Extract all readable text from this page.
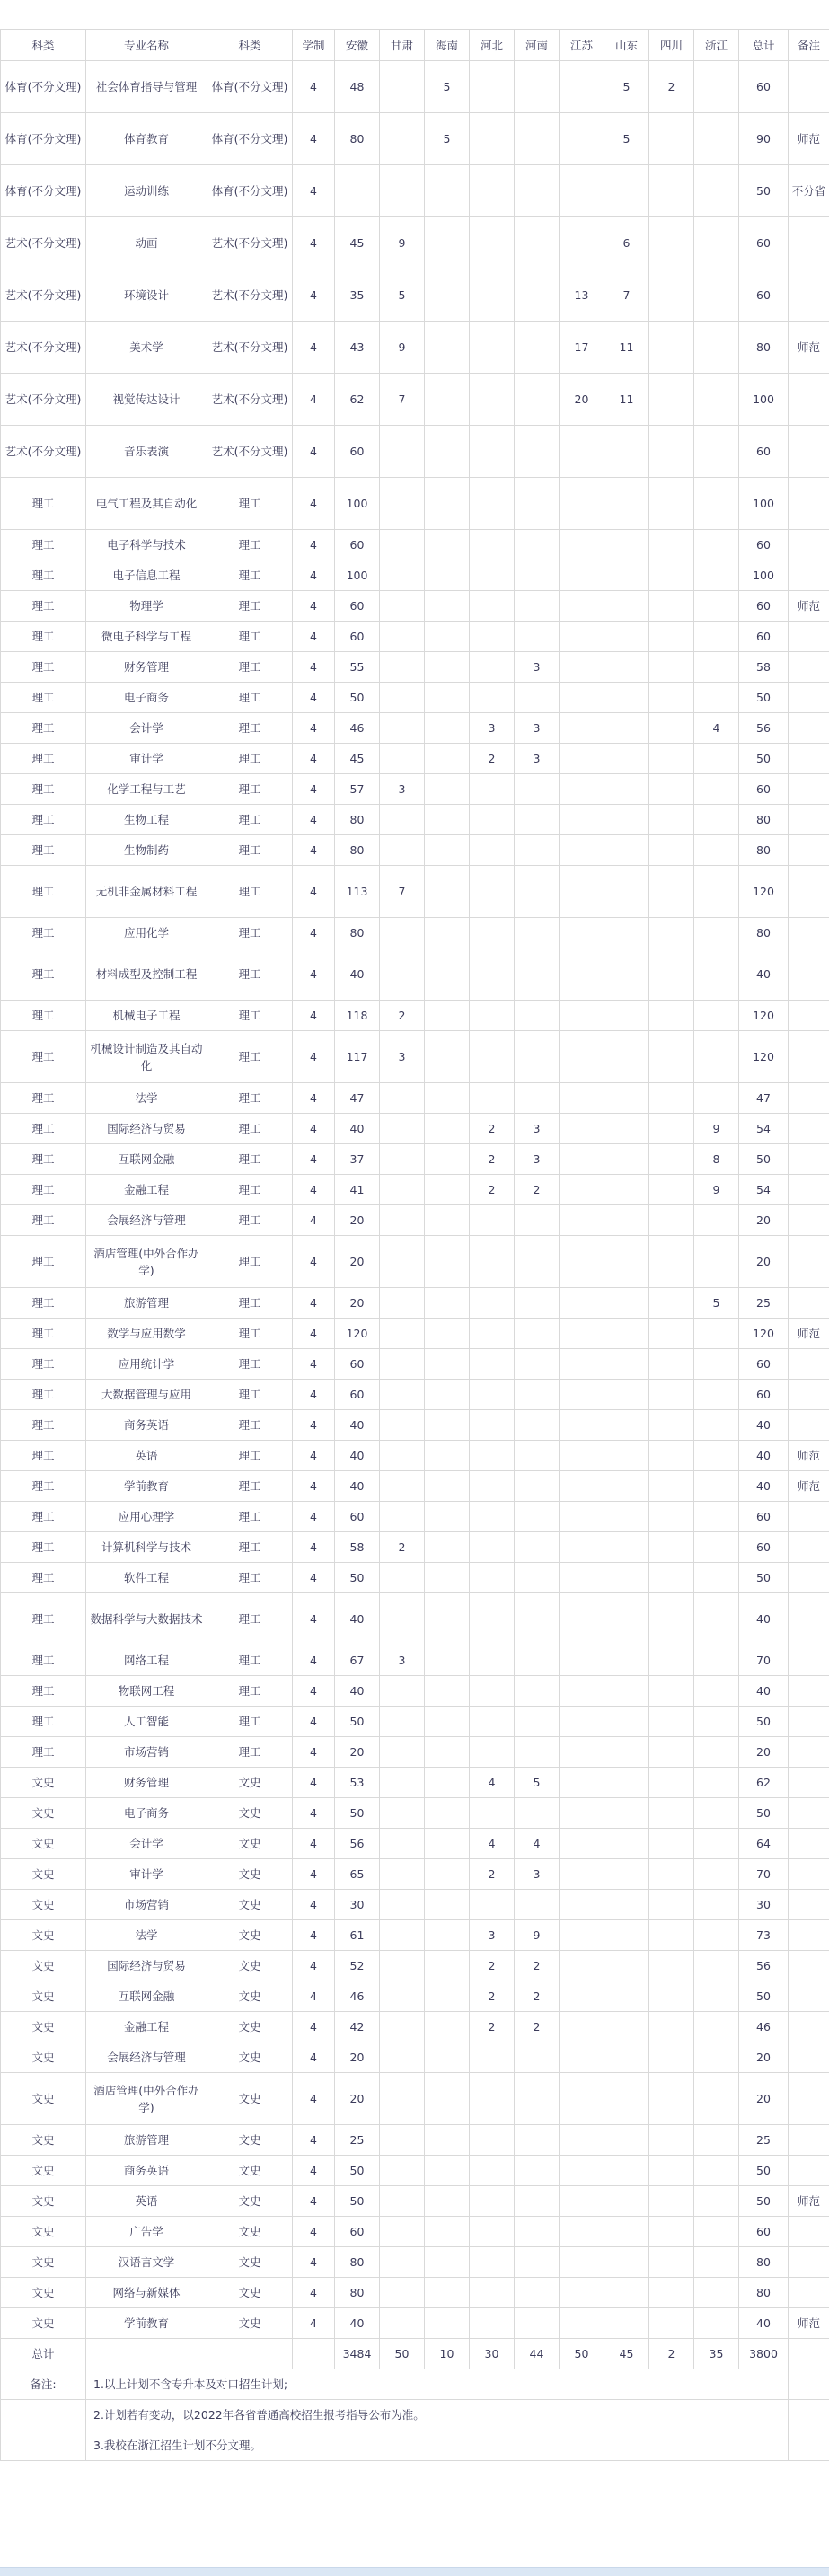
科类	专业名称	科类	学制	安徽	甘肃	海南	河北	河南	江苏	山东	四川	浙江	总计	备注
体育(不分文理)	社会体育指导与管理	体育(不分文理)	4	48		5				5	2		60	
体育(不分文理)	体育教育	体育(不分文理)	4	80		5				5			90	师范
体育(不分文理)	运动训练	体育(不分文理)	4										50	不分省
艺术(不分文理)	动画	艺术(不分文理)	4	45	9					6			60	
艺术(不分文理)	环境设计	艺术(不分文理)	4	35	5				13	7			60	
艺术(不分文理)	美术学	艺术(不分文理)	4	43	9				17	11			80	师范
艺术(不分文理)	视觉传达设计	艺术(不分文理)	4	62	7				20	11			100	
艺术(不分文理)	音乐表演	艺术(不分文理)	4	60									60	
理工	电气工程及其自动化	理工	4	100									100	
理工	电子科学与技术	理工	4	60									60	
理工	电子信息工程	理工	4	100									100	
理工	物理学	理工	4	60									60	师范
理工	微电子科学与工程	理工	4	60									60	
理工	财务管理	理工	4	55				3					58	
理工	电子商务	理工	4	50									50	
理工	会计学	理工	4	46			3	3				4	56	
理工	审计学	理工	4	45			2	3					50	
理工	化学工程与工艺	理工	4	57	3								60	
理工	生物工程	理工	4	80									80	
理工	生物制药	理工	4	80									80	
理工	无机非金属材料工程	理工	4	113	7								120	
理工	应用化学	理工	4	80									80	
理工	材料成型及控制工程	理工	4	40									40	
理工	机械电子工程	理工	4	118	2								120	
理工	机械设计制造及其自动化	理工	4	117	3								120	
理工	法学	理工	4	47									47	
理工	国际经济与贸易	理工	4	40			2	3				9	54	
理工	互联网金融	理工	4	37			2	3				8	50	
理工	金融工程	理工	4	41			2	2				9	54	
理工	会展经济与管理	理工	4	20									20	
理工	酒店管理(中外合作办学)	理工	4	20									20	
理工	旅游管理	理工	4	20								5	25	
理工	数学与应用数学	理工	4	120									120	师范
理工	应用统计学	理工	4	60									60	
理工	大数据管理与应用	理工	4	60									60	
理工	商务英语	理工	4	40									40	
理工	英语	理工	4	40									40	师范
理工	学前教育	理工	4	40									40	师范
理工	应用心理学	理工	4	60									60	
理工	计算机科学与技术	理工	4	58	2								60	
理工	软件工程	理工	4	50									50	
理工	数据科学与大数据技术	理工	4	40									40	
理工	网络工程	理工	4	67	3								70	
理工	物联网工程	理工	4	40									40	
理工	人工智能	理工	4	50									50	
理工	市场营销	理工	4	20									20	
文史	财务管理	文史	4	53			4	5					62	
文史	电子商务	文史	4	50									50	
文史	会计学	文史	4	56			4	4					64	
文史	审计学	文史	4	65			2	3					70	
文史	市场营销	文史	4	30									30	
文史	法学	文史	4	61			3	9					73	
文史	国际经济与贸易	文史	4	52			2	2					56	
文史	互联网金融	文史	4	46			2	2					50	
文史	金融工程	文史	4	42			2	2					46	
文史	会展经济与管理	文史	4	20									20	
文史	酒店管理(中外合作办学)	文史	4	20									20	
文史	旅游管理	文史	4	25									25	
文史	商务英语	文史	4	50									50	
文史	英语	文史	4	50									50	师范
文史	广告学	文史	4	60									60	
文史	汉语言文学	文史	4	80									80	
文史	网络与新媒体	文史	4	80									80	
文史	学前教育	文史	4	40									40	师范
总计				3484	50	10	30	44	50	45	2	35	3800	
备注:	1.以上计划不含专升本及对口招生计划;													
	2.计划若有变动，以2022年各省普通高校招生报考指导公布为准。													
	3.我校在浙江招生计划不分文理。													
